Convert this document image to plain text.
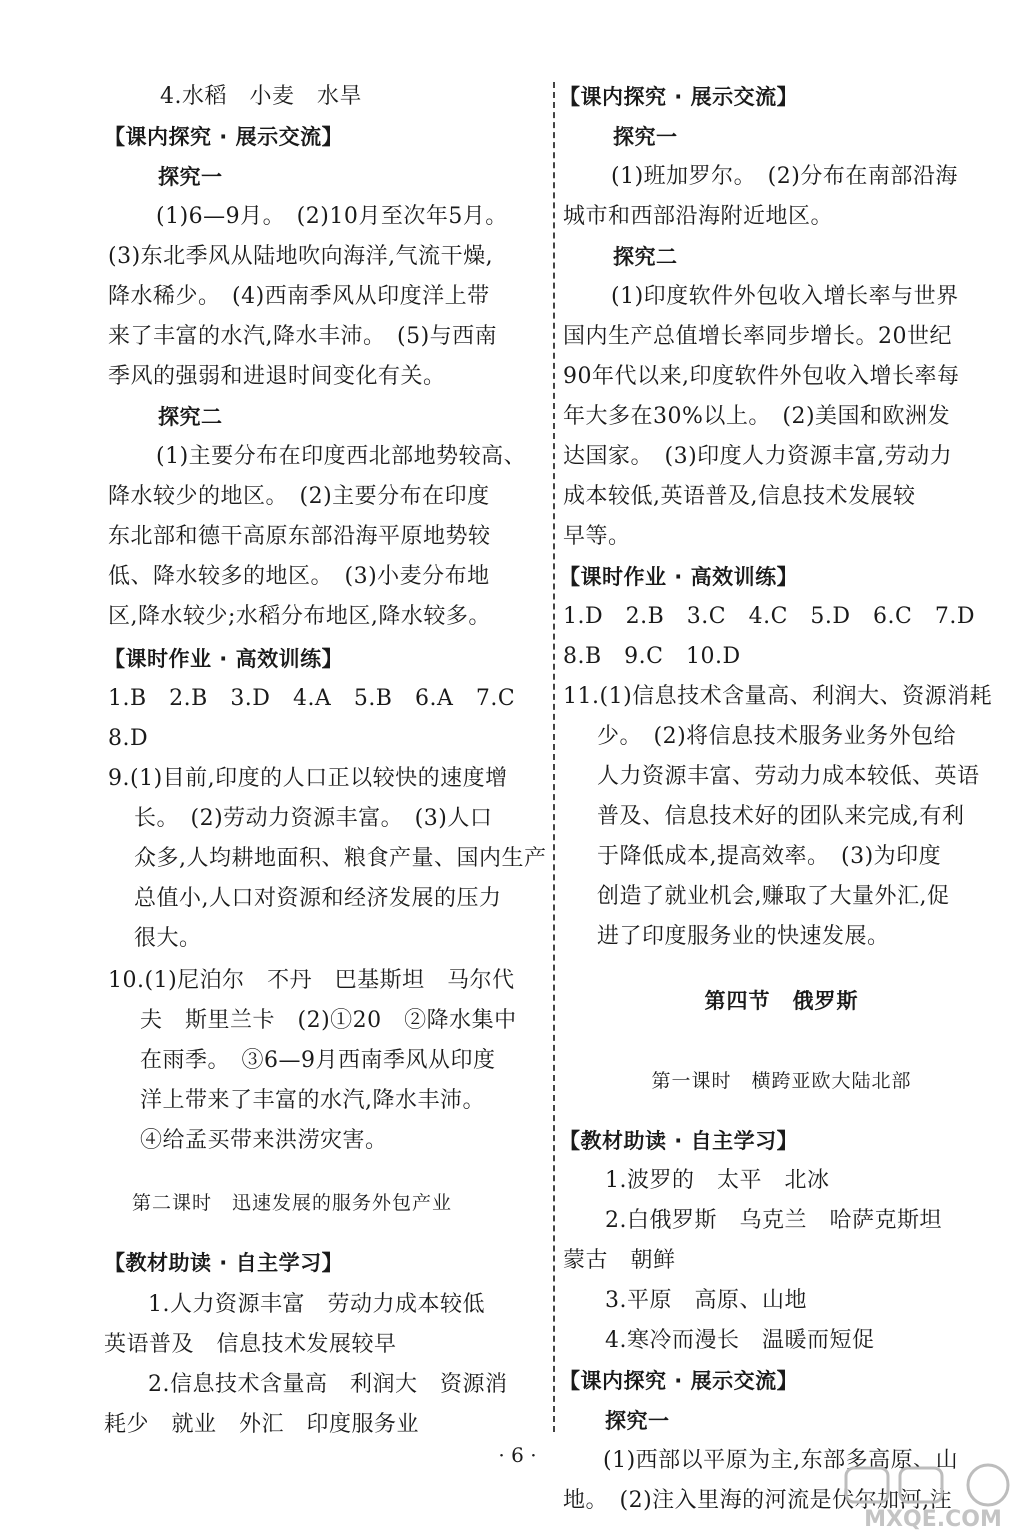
4.水稻　小麦　水旱
【课内探究 · 展示交流】
探究一
(1)6—9月。　(2)10月至次年5月。
(3)东北季风从陆地吹向海洋,气流干燥,
降水稀少。　(4)西南季风从印度洋上带
来了丰富的水汽,降水丰沛。　(5)与西南
季风的强弱和进退时间变化有关。
探究二
(1)主要分布在印度西北部地势较高、
降水较少的地区。　(2)主要分布在印度
东北部和德干高原东部沿海平原地势较
低、降水较多的地区。　(3)小麦分布地
区,降水较少;水稻分布地区,降水较多。
【课时作业 · 高效训练】
1.B　2.B　3.D　4.A　5.B　6.A　7.C
8.D
9.(1)目前,印度的人口正以较快的速度增
长。　(2)劳动力资源丰富。　(3)人口
众多,人均耕地面积、粮食产量、国内生产
总值小,人口对资源和经济发展的压力
很大。
10.(1)尼泊尔　不丹　巴基斯坦　马尔代
夫　斯里兰卡　(2)①20　②降水集中
在雨季。　③6—9月西南季风从印度
洋上带来了丰富的水汽,降水丰沛。
④给孟买带来洪涝灾害。
第二课时　迅速发展的服务外包产业
【教材助读 · 自主学习】
1.人力资源丰富　劳动力成本较低
英语普及　信息技术发展较早
2.信息技术含量高　利润大　资源消
耗少　就业　外汇　印度服务业
【课内探究 · 展示交流】
探究一
(1)班加罗尔。　(2)分布在南部沿海
城市和西部沿海附近地区。
探究二
(1)印度软件外包收入增长率与世界
国内生产总值增长率同步增长。20世纪
90年代以来,印度软件外包收入增长率每
年大多在30%以上。　(2)美国和欧洲发
达国家。　(3)印度人力资源丰富,劳动力
成本较低,英语普及,信息技术发展较
早等。
【课时作业 · 高效训练】
1.D　2.B　3.C　4.C　5.D　6.C　7.D
8.B　9.C　10.D
11.(1)信息技术含量高、利润大、资源消耗
少。　(2)将信息技术服务业务外包给
人力资源丰富、劳动力成本较低、英语
普及、信息技术好的团队来完成,有利
于降低成本,提高效率。　(3)为印度
创造了就业机会,赚取了大量外汇,促
进了印度服务业的快速发展。
第四节　俄罗斯
第一课时　横跨亚欧大陆北部
【教材助读 · 自主学习】
1.波罗的　太平　北冰
2.白俄罗斯　乌克兰　哈萨克斯坦
蒙古　朝鲜
3.平原　高原、山地
4.寒冷而漫长　温暖而短促
【课内探究 · 展示交流】
探究一
(1)西部以平原为主,东部多高原、山
地。　(2)注入里海的河流是伏尔加河,注
· 6 ·
MXQE.COM
